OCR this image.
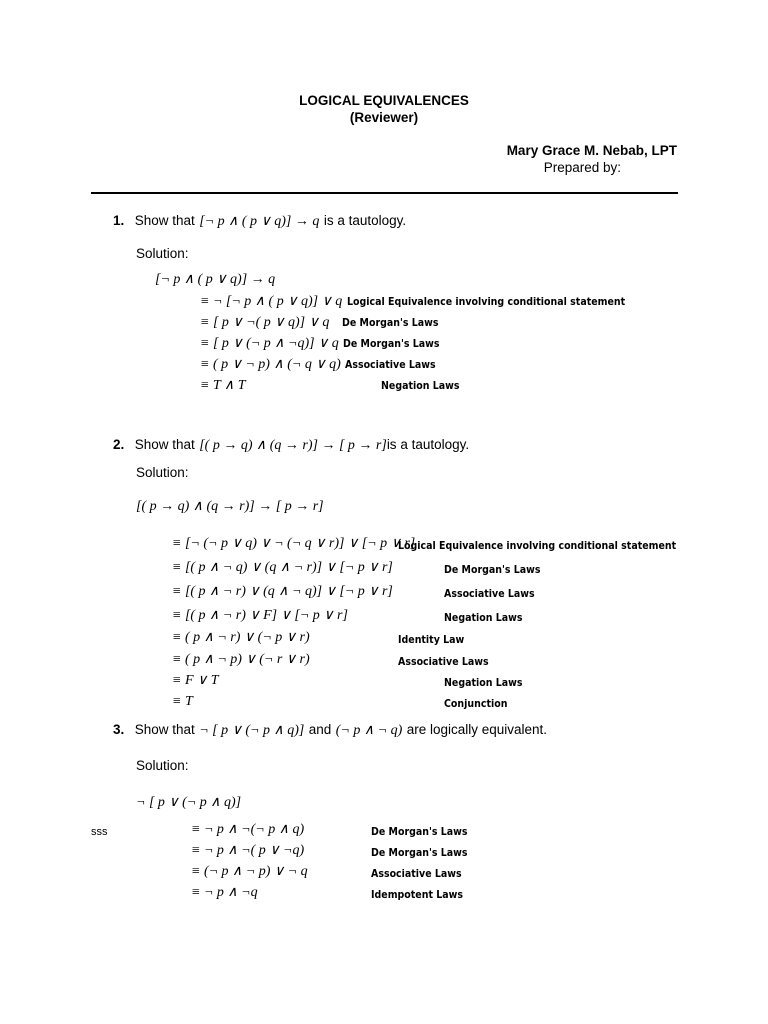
LOGICAL EQUIVALENCES
(Reviewer)
Mary Grace M. Nebab, LPT
Prepared by:
1. Show that [¬ p ∧ ( p ∨ q)] → q is a tautology.
Solution:
[¬ p ∧ ( p ∨ q)] → q
≡ ¬ [¬ p ∧ ( p ∨ q)] ∨ q Logical Equivalence involving conditional statement
≡ [ p ∨ ¬( p ∨ q)] ∨ q De Morgan's Laws
≡ [ p ∨ (¬ p ∧ ¬q)] ∨ q De Morgan's Laws
≡ ( p ∨ ¬ p) ∧ (¬ q ∨ q) Associative Laws
≡ T ∧ T	Negation Laws
2. Show that [( p → q) ∧ (q → r)] → [ p → r]is a tautology.
Solution:
[( p → q) ∧ (q → r)] → [ p → r]
≡ [¬ (¬ p ∨ q) ∨ ¬ (¬ q ∨ r)] ∨ [¬ p ∨ r]
Logical Equivalence involving conditional statement
≡ [( p ∧ ¬ q) ∨ (q ∧ ¬ r)] ∨ [¬ p ∨ r]	De Morgan's Laws
≡ [( p ∧ ¬ r) ∨ (q ∧ ¬ q)] ∨ [¬ p ∨ r]	Associative Laws
≡ [( p ∧ ¬ r) ∨ F] ∨ [¬ p ∨ r]	Negation Laws
≡ ( p ∧ ¬ r) ∨ (¬ p ∨ r)	Identity Law
≡ ( p ∧ ¬ p) ∨ (¬ r ∨ r)	Associative Laws
≡ F ∨ T	Negation Laws
≡ T	Conjunction
3. Show that ¬ [ p ∨ (¬ p ∧ q)] and (¬ p ∧ ¬ q) are logically equivalent.
Solution:
¬ [ p ∨ (¬ p ∧ q)]
sss	≡ ¬ p ∧ ¬(¬ p ∧ q)	De Morgan's Laws
≡ ¬ p ∧ ¬( p ∨ ¬q)	De Morgan's Laws
≡ (¬ p ∧ ¬ p) ∨ ¬ q	Associative Laws
≡ ¬ p ∧ ¬q	Idempotent Laws
